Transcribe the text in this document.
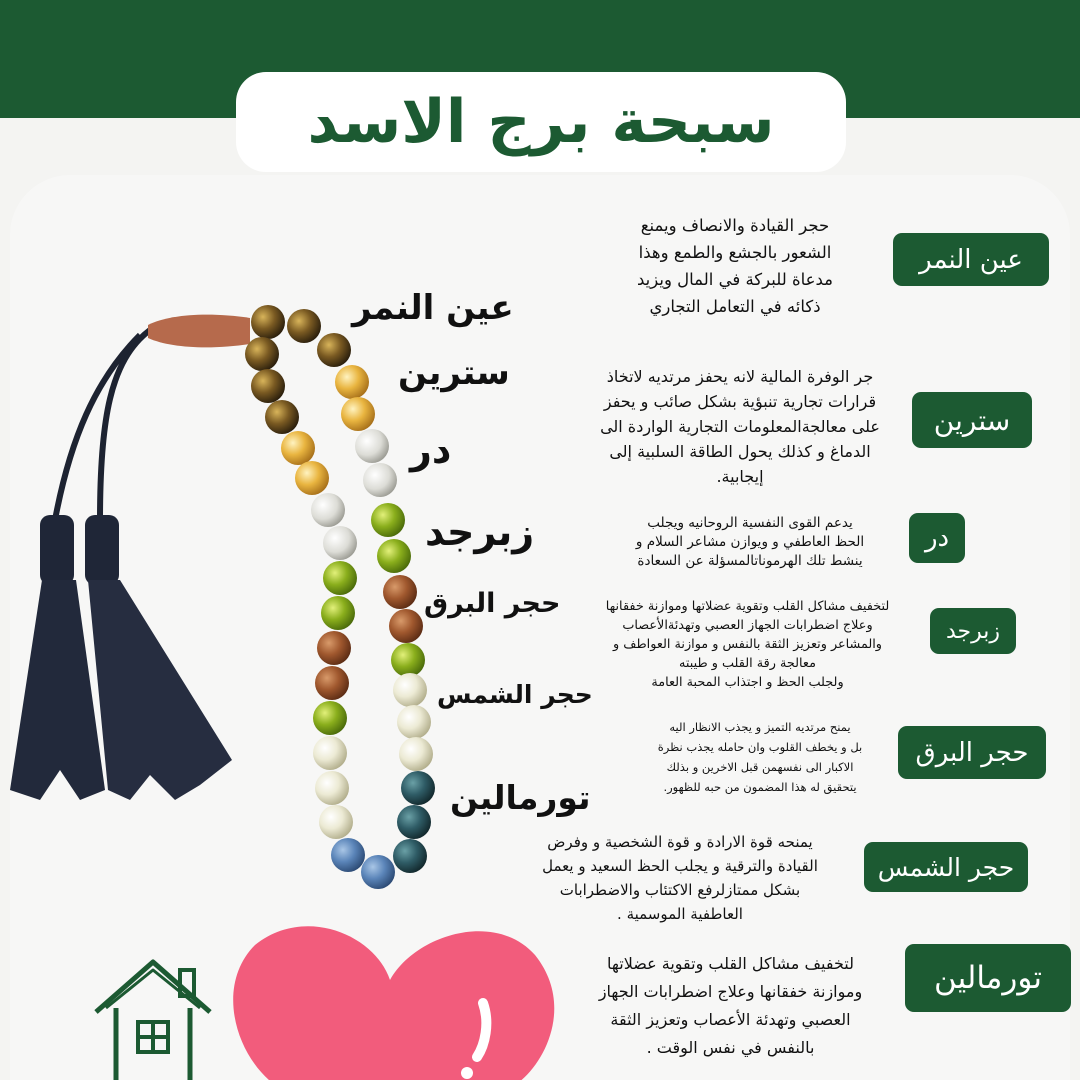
سبحة برج الاسد
عين النمر
سترين
در
زبرجد
حجر البرق
حجر الشمس
تورمالين
عين النمر
سترين
در
زبرجد
حجر البرق
حجر الشمس
تورمالين
حجر القيادة والانصاف ويمنع
الشعور بالجشع والطمع وهذا
مدعاة للبركة في المال ويزيد
ذكائه في التعامل التجاري
جر الوفرة المالية لانه يحفز مرتديه لاتخاذ
قرارات تجارية تنبؤية بشكل صائب و يحفز
على معالجةالمعلومات التجارية الواردة الى
الدماغ و كذلك يحول الطاقة السلبية إلى
إيجابية.
يدعم القوى النفسية الروحانيه ويجلب
الحظ العاطفي و ويوازن مشاعر السلام و
ينشط تلك الهرموناتالمسؤلة عن السعادة
لتخفيف مشاكل القلب وتقوية عضلاتها وموازنة خفقانها
وعلاج اضطرابات الجهاز العصبي وتهدئةالأعصاب
والمشاعر وتعزيز الثقة بالنفس و موازنة العواطف و
معالجة رقة القلب و طيبته
ولجلب الحظ و اجتذاب المحبة العامة
يمنح مرتديه التميز و يجذب الانظار اليه
بل و يخطف القلوب وان حامله يجذب نظرة
الاكبار الى نفسهمن قبل الاخرين و بذلك
يتحقيق له هذا المضمون من حبه للظهور.
يمنحه قوة الارادة و قوة الشخصية و وفرض
القيادة والترقية و يجلب الحظ السعيد و يعمل
بشكل ممتازلرفع الاكتئاب والاضطرابات
العاطفية الموسمية .
لتخفيف مشاكل القلب وتقوية عضلاتها
وموازنة خفقانها وعلاج اضطرابات الجهاز
العصبي وتهدئة الأعصاب وتعزيز الثقة
بالنفس في نفس الوقت .
